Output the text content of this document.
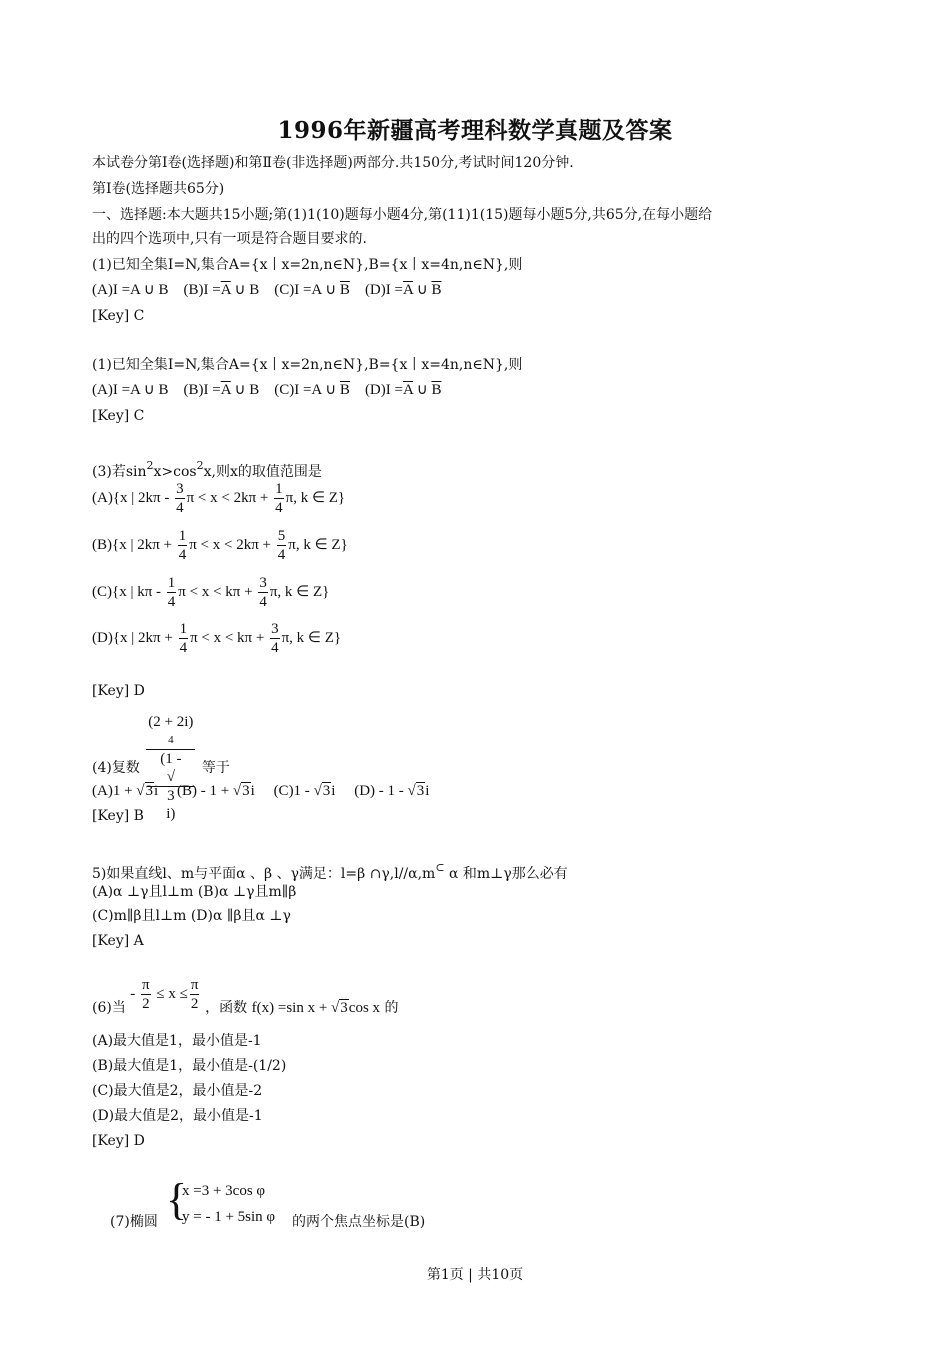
1996年新疆高考理科数学真题及答案
本试卷分第Ⅰ卷(选择题)和第Ⅱ卷(非选择题)两部分.共150分,考试时间120分钟.
第Ⅰ卷(选择题共65分)
一、选择题:本大题共15小题;第(1)1(10)题每小题4分,第(11)1(15)题每小题5分,共65分,在每小题给
出的四个选项中,只有一项是符合题目要求的.
(1)已知全集I=N,集合A={x丨x=2n,n∈N},B={x丨x=4n,n∈N},则
(A)I =A ∪ B $(B)I =\overline{A}$ ∪ B (C)I =A ∪ $\overline{B}$ $(D)I =\overline{A}$ ∪ $\overline{B}$
[Key] C
(1)已知全集I=N,集合A={x丨x=2n,n∈N},B={x丨x=4n,n∈N},则
(A)I =A ∪ B $(B)I =\overline{A}$ ∪ B (C)I =A ∪ $\overline{B}$ $(D)I =\overline{A}$ ∪ $\overline{B}$
[Key] C
(3)若$\sin^2x>\cos^2x$,则x的取值范围是
(A){x | $2k\pi - \frac{3}{4}$ $\pi < x < 2k\pi + \frac{1}{4} \pi$, k ∈ Z}
(B){x | $2k\pi + \frac{1}{4}$ $\pi < x < 2k\pi + \frac{5}{4} \pi$, k ∈ Z}
(C){x | kπ - $\frac{1}{4}$ $\pi < x < k\pi + \frac{3}{4} \pi$, k ∈ Z}
(D){x | $2k\pi + \frac{1}{4}$ $\pi < x < k\pi + \frac{3}{4} \pi$, k ∈ Z}
[Key] D
(4)复数 (2 + 2i)
4
(1 -
√
3
i) 等于
(A)1 + √3i (B) - 1 + √3i (C)1 - √3i (D) - 1 - √3i
[Key] B
5)如果直线l、m与平面α 、β 、γ满足：l=β ∩γ,l//α,m⊂ α 和m⊥γ那么必有
(A)α ⊥γ且l⊥m (B)α ⊥γ且m∥β
(C)m∥β且l⊥m (D)α ∥β且α ⊥γ
[Key] A
(6)当 - $\frac{\pi}{2} \le x \le \frac{\pi}{2}$ ，函数 f(x) =sin x + √3cos x 的
(A)最大值是1，最小值是-1
(B)最大值是1，最小值是-(1/2)
(C)最大值是2，最小值是-2
(D)最大值是2，最小值是-1
[Key] D
(7)椭圆 {
x =3 + 3cos φ
y = - 1 + 5sin φ 的两个焦点坐标是(B)
第1页 | 共10页
